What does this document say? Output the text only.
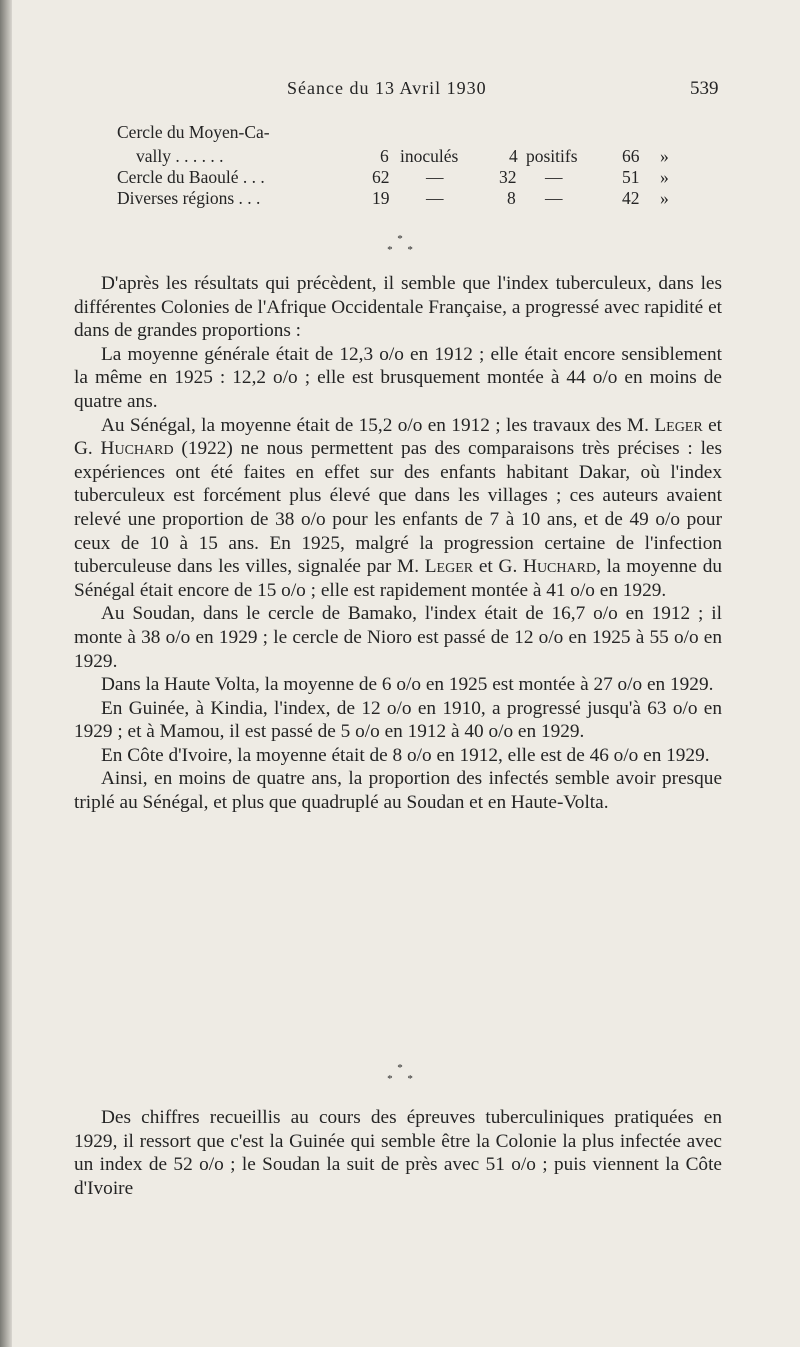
Séance du 13 Avril 1930	539
Cercle du Moyen-Ca-
vally . . . . . .	6 inoculés	4 positifs	66 »
Cercle du Baoulé . . .	62 —	32 —	51 »
Diverses régions . . .	19 —	8 —	42 »
*
* *

D'après les résultats qui précèdent, il semble que l'index tuberculeux, dans les différentes Colonies de l'Afrique Occidentale Française, a progressé avec rapidité et dans de grandes proportions :

La moyenne générale était de 12,3 o/o en 1912 ; elle était encore sensiblement la même en 1925 : 12,2 o/o ; elle est brusquement montée à 44 o/o en moins de quatre ans.

Au Sénégal, la moyenne était de 15,2 o/o en 1912 ; les travaux des M. Leger et G. Huchard (1922) ne nous permettent pas des comparaisons très précises : les expériences ont été faites en effet sur des enfants habitant Dakar, où l'index tuberculeux est forcément plus élevé que dans les villages ; ces auteurs avaient relevé une proportion de 38 o/o pour les enfants de 7 à 10 ans, et de 49 o/o pour ceux de 10 à 15 ans. En 1925, malgré la progression certaine de l'infection tuberculeuse dans les villes, signalée par M. Leger et G. Huchard, la moyenne du Sénégal était encore de 15 o/o ; elle est rapidement montée à 41 o/o en 1929.

Au Soudan, dans le cercle de Bamako, l'index était de 16,7 o/o en 1912 ; il monte à 38 o/o en 1929 ; le cercle de Nioro est passé de 12 o/o en 1925 à 55 o/o en 1929.

Dans la Haute Volta, la moyenne de 6 o/o en 1925 est montée à 27 o/o en 1929.

En Guinée, à Kindia, l'index, de 12 o/o en 1910, a progressé jusqu'à 63 o/o en 1929 ; et à Mamou, il est passé de 5 o/o en 1912 à 40 o/o en 1929.

En Côte d'Ivoire, la moyenne était de 8 o/o en 1912, elle est de 46 o/o en 1929.

Ainsi, en moins de quatre ans, la proportion des infectés semble avoir presque triplé au Sénégal, et plus que quadruplé au Soudan et en Haute-Volta.

*
* *

Des chiffres recueillis au cours des épreuves tuberculiniques pratiquées en 1929, il ressort que c'est la Guinée qui semble être la Colonie la plus infectée avec un index de 52 o/o ; le Soudan la suit de près avec 51 o/o ; puis viennent la Côte d'Ivoire
